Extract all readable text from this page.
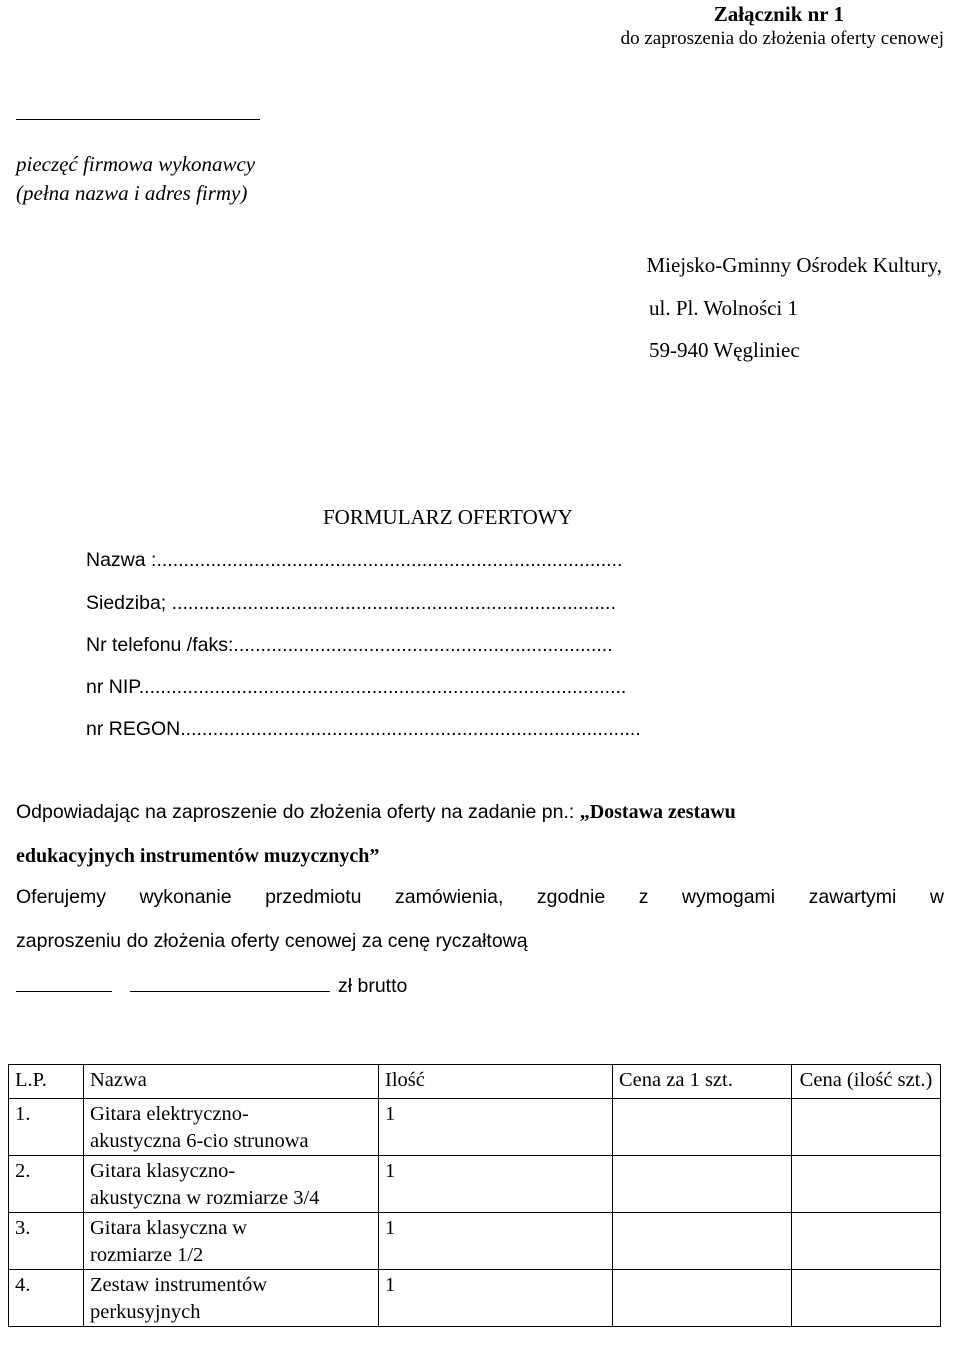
Załącznik nr 1
do zaproszenia do złożenia oferty cenowej
pieczęć firmowa wykonawcy
(pełna nazwa i adres firmy)
Miejsko-Gminny Ośrodek Kultury,
ul. Pl. Wolności 1
59-940 Węgliniec
FORMULARZ OFERTOWY
Nazwa :......................................................................................
Siedziba; ..................................................................................
Nr telefonu /faks:......................................................................
nr NIP..........................................................................................
nr REGON.....................................................................................
Odpowiadając na zaproszenie do złożenia oferty na zadanie pn.: „Dostawa zestawu
edukacyjnych instrumentów muzycznych”
Oferujemy wykonanie przedmiotu zamówienia, zgodnie z wymogami zawartymi w
zaproszeniu do złożenia oferty cenowej za cenę ryczałtową
zł brutto
L.P.	Nazwa	Ilość	Cena za 1 szt.	Cena (ilość szt.)
1.	Gitara elektryczno-
akustyczna 6-cio strunowa	1		
2.	Gitara klasyczno-
akustyczna w rozmiarze 3/4	1		
3.	Gitara klasyczna w
rozmiarze 1/2	1		
4.	Zestaw instrumentów
perkusyjnych	1		
